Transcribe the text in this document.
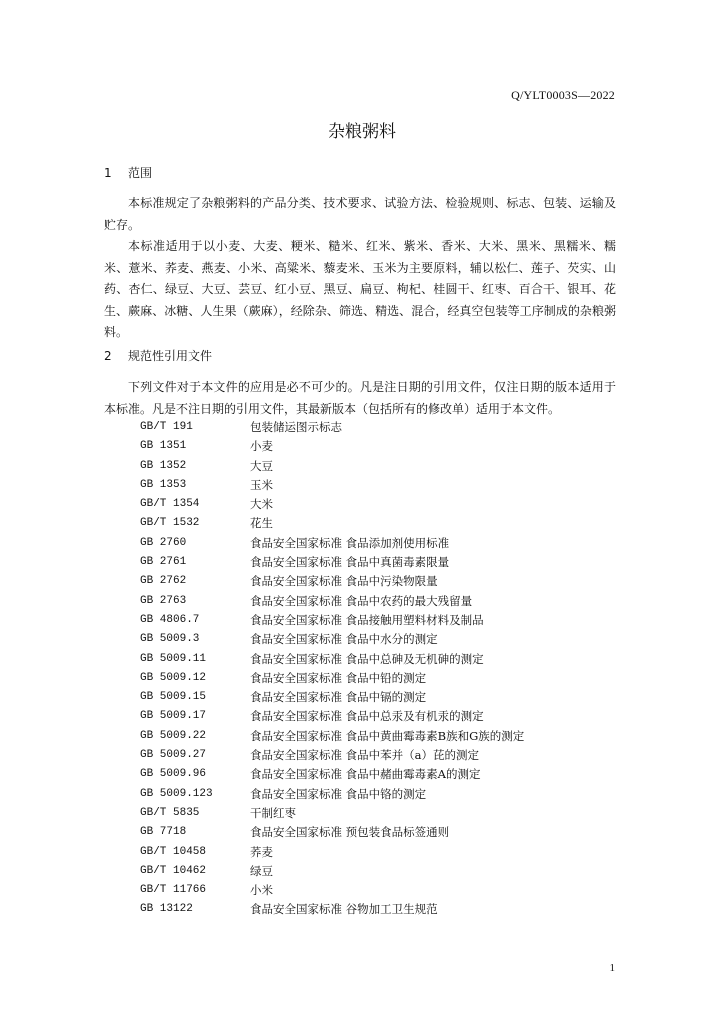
Q/YLT0003S—2022
杂粮粥料
1 范围
本标准规定了杂粮粥料的产品分类、技术要求、试验方法、检验规则、标志、包装、运输及贮存。
本标准适用于以小麦、大麦、粳米、糙米、红米、紫米、香米、大米、黑米、黑糯米、糯米、薏米、荞麦、燕麦、小米、高粱米、藜麦米、玉米为主要原料，辅以松仁、莲子、芡实、山药、杏仁、绿豆、大豆、芸豆、红小豆、黑豆、扁豆、枸杞、桂圆干、红枣、百合干、银耳、花生、蕨麻、冰糖、人生果（蕨麻），经除杂、筛选、精选、混合，经真空包装等工序制成的杂粮粥料。
2 规范性引用文件
下列文件对于本文件的应用是必不可少的。凡是注日期的引用文件，仅注日期的版本适用于本标准。凡是不注日期的引用文件，其最新版本（包括所有的修改单）适用于本文件。
GB/T 191	包装储运图示标志
GB 1351	小麦
GB 1352	大豆
GB 1353	玉米
GB/T 1354	大米
GB/T 1532	花生
GB 2760	食品安全国家标准 食品添加剂使用标准
GB 2761	食品安全国家标准 食品中真菌毒素限量
GB 2762	食品安全国家标准 食品中污染物限量
GB 2763	食品安全国家标准 食品中农药的最大残留量
GB 4806.7	食品安全国家标准 食品接触用塑料材料及制品
GB 5009.3	食品安全国家标准 食品中水分的测定
GB 5009.11	食品安全国家标准 食品中总砷及无机砷的测定
GB 5009.12	食品安全国家标准 食品中铅的测定
GB 5009.15	食品安全国家标准 食品中镉的测定
GB 5009.17	食品安全国家标准 食品中总汞及有机汞的测定
GB 5009.22	食品安全国家标准 食品中黄曲霉毒素B族和G族的测定
GB 5009.27	食品安全国家标准 食品中苯并（a）芘的测定
GB 5009.96	食品安全国家标准 食品中赭曲霉毒素A的测定
GB 5009.123	食品安全国家标准 食品中铬的测定
GB/T 5835	干制红枣
GB 7718	食品安全国家标准 预包装食品标签通则
GB/T 10458	荞麦
GB/T 10462	绿豆
GB/T 11766	小米
GB 13122	食品安全国家标准 谷物加工卫生规范
1
